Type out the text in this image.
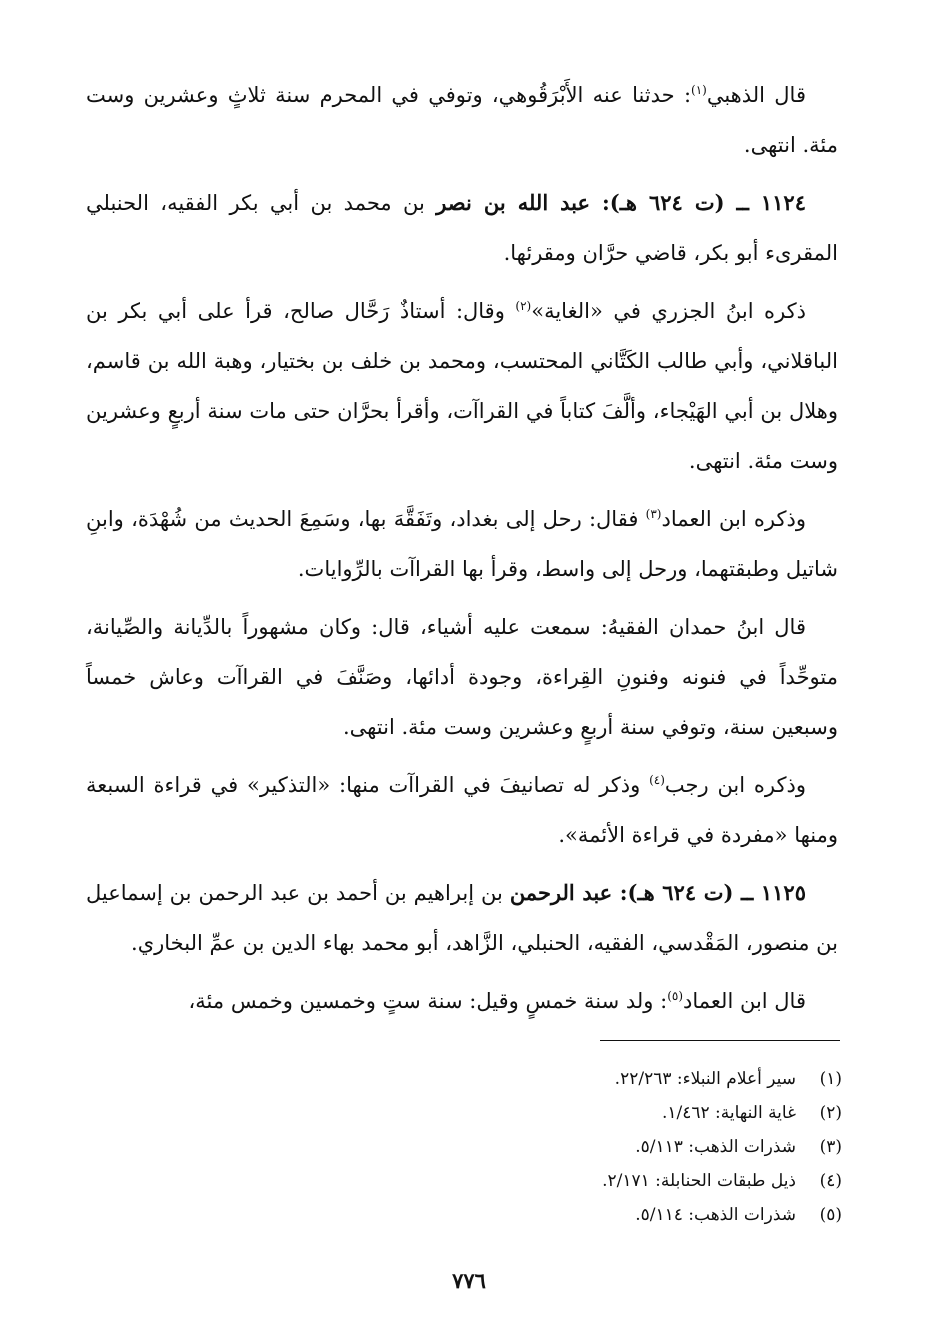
قال الذهبي$^{(١)}$: حدثنا عنه الأَبْرَقُوهي، وتوفي في المحرم سنة ثلاثٍ وعشرين وست مئة. انتهى.

١١٢٤ ــ (ت ٦٢٤ هـ): عبد الله بن نصر بن محمد بن أبي بكر الفقيه، الحنبلي المقرىء أبو بكر، قاضي حرَّان ومقرئها.

ذكره ابنُ الجزري في «الغاية»$^{(٢)}$ وقال: أستاذٌ رَحَّال صالح، قرأ على أبي بكر بن الباقلاني، وأبي طالب الكَتَّاني المحتسب، ومحمد بن خلف بن بختيار، وهبة الله بن قاسم، وهلال بن أبي الهَيْجاء، وألَّفَ كتاباً في القراآت، وأقرأ بحرَّان حتى مات سنة أربعٍ وعشرين وست مئة. انتهى.

وذكره ابن العماد$^{(٣)}$ فقال: رحل إلى بغداد، وتَفَقَّهَ بها، وسَمِعَ الحديث من شُهْدَة، وابنِ شاتيل وطبقتهما، ورحل إلى واسط، وقرأ بها القراآت بالرِّوايات.

قال ابنُ حمدان الفقيهُ: سمعت عليه أشياء، قال: وكان مشهوراً بالدِّيانة والصِّيانة، متوحِّداً في فنونه وفنونِ القِراءة، وجودة أدائها، وصَنَّفَ في القراآت وعاش خمساً وسبعين سنة، وتوفي سنة أربعٍ وعشرين وست مئة. انتهى.

وذكره ابن رجب$^{(٤)}$ وذكر له تصانيفَ في القراآت منها: «التذكير» في قراءة السبعة ومنها «مفردة في قراءة الأئمة».

١١٢٥ ــ (ت ٦٢٤ هـ): عبد الرحمن بن إبراهيم بن أحمد بن عبد الرحمن بن إسماعيل بن منصور، المَقْدسي، الفقيه، الحنبلي، الزَّاهد، أبو محمد بهاء الدين بن عمِّ البخاري.

قال ابن العماد$^{(٥)}$: ولد سنة خمسٍ وقيل: سنة ستٍ وخمسين وخمس مئة،

(١)سير أعلام النبلاء: ٢٢/٢٦٣.
(٢)غاية النهاية: ١/٤٦٢.
(٣)شذرات الذهب: ٥/١١٣.
(٤)ذيل طبقات الحنابلة: ٢/١٧١.
(٥)شذرات الذهب: ٥/١١٤.
٧٧٦
